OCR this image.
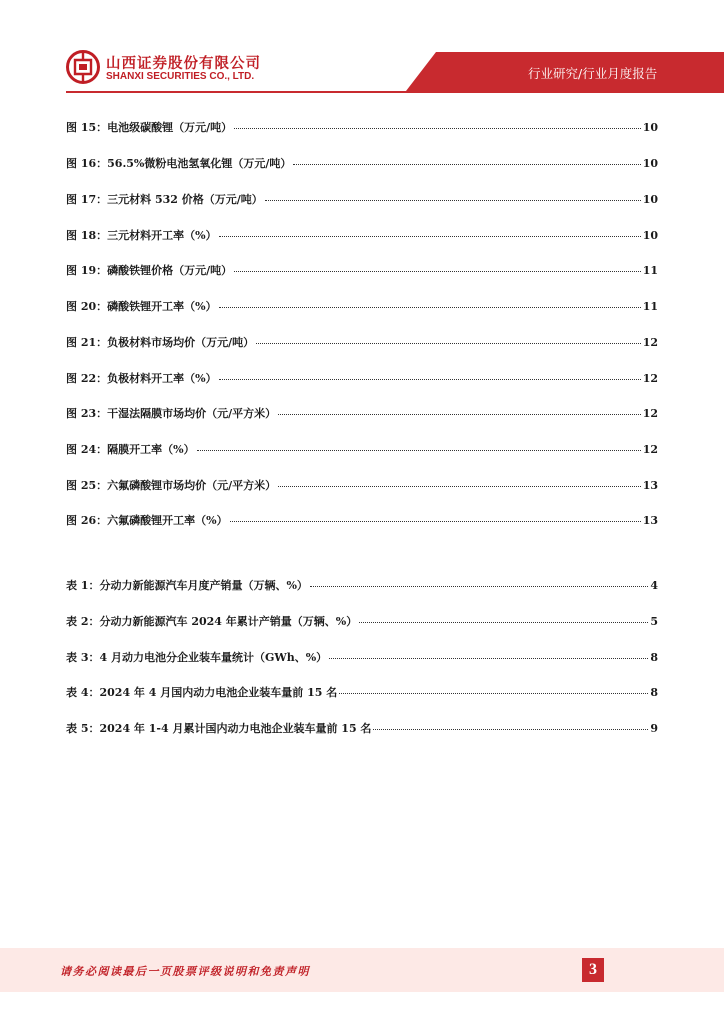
山西证券股份有限公司
SHANXI SECURITIES CO., LTD.	行业研究/行业月度报告
图 15： 电池级碳酸锂（万元/吨）	10
图 16： 56.5%微粉电池氢氧化锂（万元/吨）	10
图 17： 三元材料 532 价格（万元/吨）	10
图 18： 三元材料开工率（%）	10
图 19： 磷酸铁锂价格（万元/吨）	11
图 20： 磷酸铁锂开工率（%）	11
图 21： 负极材料市场均价（万元/吨）	12
图 22： 负极材料开工率（%）	12
图 23： 干湿法隔膜市场均价（元/平方米）	12
图 24： 隔膜开工率（%）	12
图 25： 六氟磷酸锂市场均价（元/平方米）	13
图 26： 六氟磷酸锂开工率（%）	13
表 1： 分动力新能源汽车月度产销量（万辆、%）	4
表 2： 分动力新能源汽车 2024 年累计产销量（万辆、%）	5
表 3： 4 月动力电池分企业装车量统计（GWh、%）	8
表 4： 2024 年 4 月国内动力电池企业装车量前 15 名	8
表 5： 2024 年 1-4 月累计国内动力电池企业装车量前 15 名	9
请务必阅读最后一页股票评级说明和免责声明	3
